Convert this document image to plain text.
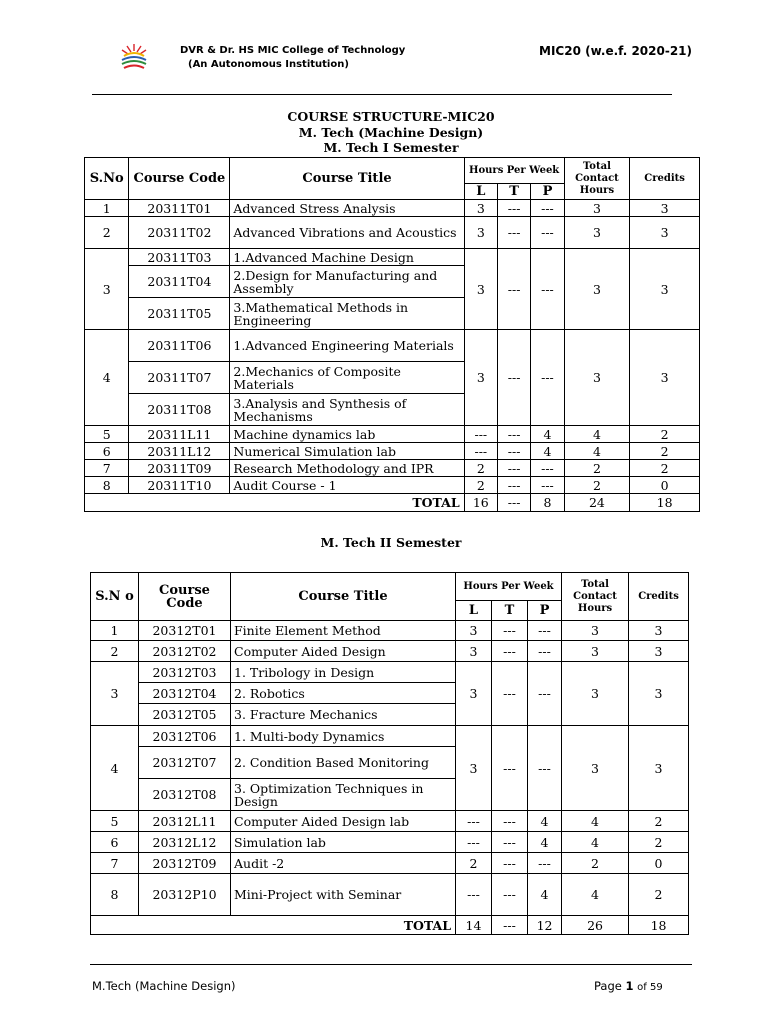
DVR & Dr. HS MIC College of Technology
(An Autonomous Institution)
MIC20 (w.e.f. 2020-21)
COURSE STRUCTURE-MIC20
M. Tech (Machine Design)
M. Tech I Semester
S.No	Course Code	Course Title	Hours Per Week			Total Contact Hours	Credits
			L	T	P		
1	20311T01	Advanced Stress Analysis	3	---	---	3	3
2	20311T02	Advanced Vibrations and Acoustics	3	---	---	3	3
3	20311T03	1.Advanced Machine Design	3	---	---	3	3
	20311T04	2.Design for Manufacturing and Assembly					
	20311T05	3.Mathematical Methods in Engineering					
4	20311T06	1.Advanced Engineering Materials	3	---	---	3	3
	20311T07	2.Mechanics of Composite Materials					
	20311T08	3.Analysis and Synthesis of Mechanisms					
5	20311L11	Machine dynamics lab	---	---	4	4	2
6	20311L12	Numerical Simulation lab	---	---	4	4	2
7	20311T09	Research Methodology and IPR	2	---	---	2	2
8	20311T10	Audit Course - 1	2	---	---	2	0
TOTAL			16	---	8	24	18
M. Tech II Semester
S.N o	Course Code	Course Title	Hours Per Week			Total Contact Hours	Credits
			L	T	P		
1	20312T01	Finite Element Method	3	---	---	3	3
2	20312T02	Computer Aided Design	3	---	---	3	3
3	20312T03	1. Tribology in Design	3	---	---	3	3
	20312T04	2. Robotics					
	20312T05	3. Fracture Mechanics					
4	20312T06	1. Multi-body Dynamics	3	---	---	3	3
	20312T07	2. Condition Based Monitoring					
	20312T08	3. Optimization Techniques in Design					
5	20312L11	Computer Aided Design lab	---	---	4	4	2
6	20312L12	Simulation lab	---	---	4	4	2
7	20312T09	Audit -2	2	---	---	2	0
8	20312P10	Mini-Project with Seminar	---	---	4	4	2
TOTAL			14	---	12	26	18
M.Tech (Machine Design)	Page 1 of 59
